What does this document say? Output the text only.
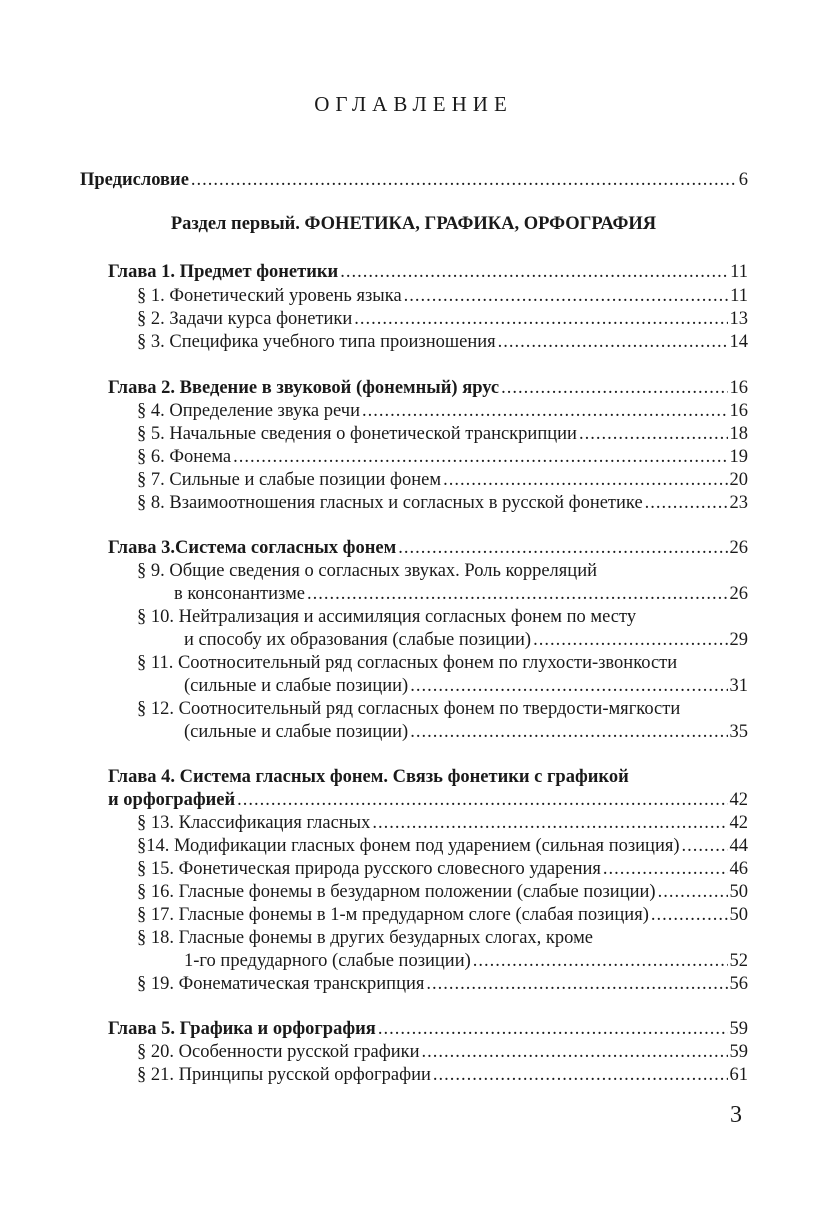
ОГЛАВЛЕНИЕ
Предисловие .....	6
Раздел первый. ФОНЕТИКА, ГРАФИКА, ОРФОГРАФИЯ
Глава 1. Предмет фонетики .....	11
§ 1. Фонетический уровень языка .....	11
§ 2. Задачи курса фонетики .....	13
§ 3. Специфика учебного типа произношения .....	14
Глава 2. Введение в звуковой (фонемный) ярус .....	16
§ 4. Определение звука речи .....	16
§ 5. Начальные сведения о фонетической транскрипции .....	18
§ 6. Фонема .....	19
§ 7. Сильные и слабые позиции фонем .....	20
§ 8. Взаимоотношения гласных и согласных в русской фонетике .....	23
Глава 3.Система согласных фонем .....	26
§ 9. Общие сведения о согласных звуках. Роль корреляций
в консонантизме .....	26
§ 10. Нейтрализация и ассимиляция согласных фонем по месту
и способу их образования (слабые позиции) .....	29
§ 11. Соотносительный ряд согласных фонем по глухости-звонкости
(сильные и слабые позиции) .....	31
§ 12. Соотносительный ряд согласных фонем по твердости-мягкости
(сильные и слабые позиции) .....	35
Глава 4. Система гласных фонем. Связь фонетики с графикой
и орфографией .....	42
§ 13. Классификация гласных .....	42
§14. Модификации гласных фонем под ударением (сильная позиция) .....	44
§ 15. Фонетическая природа русского словесного ударения .....	46
§ 16. Гласные фонемы в безударном положении (слабые позиции) .....	50
§ 17. Гласные фонемы в 1-м предударном слоге (слабая позиция) .....	50
§ 18. Гласные фонемы в других безударных слогах, кроме
1-го предударного (слабые позиции) .....	52
§ 19. Фонематическая транскрипция .....	56
Глава 5. Графика и орфография .....	59
§ 20. Особенности русской графики .....	59
§ 21. Принципы русской орфографии .....	61
3
